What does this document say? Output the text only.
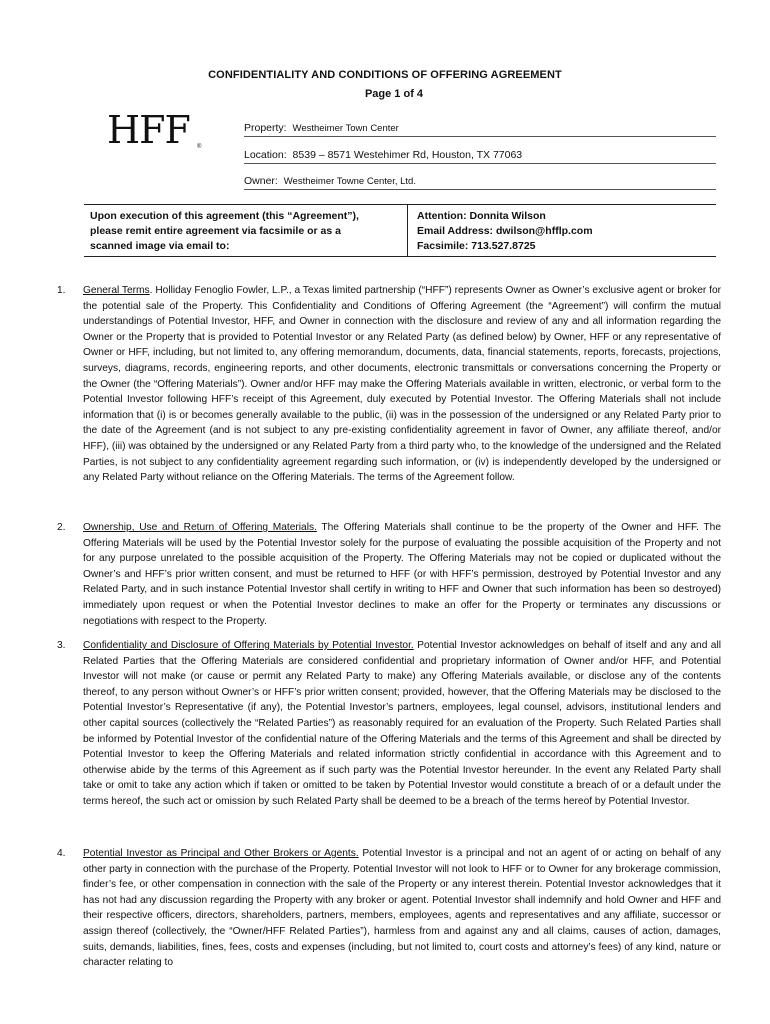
CONFIDENTIALITY AND CONDITIONS OF OFFERING AGREEMENT
Page 1 of 4
HFF ®
Property: Westheimer Town Center
Location: 8539 – 8571 Westehimer Rd, Houston, TX 77063
Owner: Westheimer Towne Center, Ltd.
Upon execution of this agreement (this “Agreement”),
please remit entire agreement via facsimile or as a
scanned image via email to:
Attention: Donnita Wilson
Email Address: dwilson@hfflp.com
Facsimile: 713.527.8725
1. General Terms. Holliday Fenoglio Fowler, L.P., a Texas limited partnership (“HFF”) represents Owner as Owner’s exclusive agent or broker for the potential sale of the Property. This Confidentiality and Conditions of Offering Agreement (the “Agreement”) will confirm the mutual understandings of Potential Investor, HFF, and Owner in connection with the disclosure and review of any and all information regarding the Owner or the Property that is provided to Potential Investor or any Related Party (as defined below) by Owner, HFF or any representative of Owner or HFF, including, but not limited to, any offering memorandum, documents, data, financial statements, reports, forecasts, projections, surveys, diagrams, records, engineering reports, and other documents, electronic transmittals or conversations concerning the Property or the Owner (the “Offering Materials”). Owner and/or HFF may make the Offering Materials available in written, electronic, or verbal form to the Potential Investor following HFF’s receipt of this Agreement, duly executed by Potential Investor. The Offering Materials shall not include information that (i) is or becomes generally available to the public, (ii) was in the possession of the undersigned or any Related Party prior to the date of the Agreement (and is not subject to any pre-existing confidentiality agreement in favor of Owner, any affiliate thereof, and/or HFF), (iii) was obtained by the undersigned or any Related Party from a third party who, to the knowledge of the undersigned and the Related Parties, is not subject to any confidentiality agreement regarding such information, or (iv) is independently developed by the undersigned or any Related Party without reliance on the Offering Materials. The terms of the Agreement follow.
2. Ownership, Use and Return of Offering Materials. The Offering Materials shall continue to be the property of the Owner and HFF. The Offering Materials will be used by the Potential Investor solely for the purpose of evaluating the possible acquisition of the Property and not for any purpose unrelated to the possible acquisition of the Property. The Offering Materials may not be copied or duplicated without the Owner’s and HFF’s prior written consent, and must be returned to HFF (or with HFF’s permission, destroyed by Potential Investor and any Related Party, and in such instance Potential Investor shall certify in writing to HFF and Owner that such information has been so destroyed) immediately upon request or when the Potential Investor declines to make an offer for the Property or terminates any discussions or negotiations with respect to the Property.
3. Confidentiality and Disclosure of Offering Materials by Potential Investor. Potential Investor acknowledges on behalf of itself and any and all Related Parties that the Offering Materials are considered confidential and proprietary information of Owner and/or HFF, and Potential Investor will not make (or cause or permit any Related Party to make) any Offering Materials available, or disclose any of the contents thereof, to any person without Owner’s or HFF’s prior written consent; provided, however, that the Offering Materials may be disclosed to the Potential Investor’s Representative (if any), the Potential Investor’s partners, employees, legal counsel, advisors, institutional lenders and other capital sources (collectively the “Related Parties”) as reasonably required for an evaluation of the Property. Such Related Parties shall be informed by Potential Investor of the confidential nature of the Offering Materials and the terms of this Agreement and shall be directed by Potential Investor to keep the Offering Materials and related information strictly confidential in accordance with this Agreement and to otherwise abide by the terms of this Agreement as if such party was the Potential Investor hereunder. In the event any Related Party shall take or omit to take any action which if taken or omitted to be taken by Potential Investor would constitute a breach of or a default under the terms hereof, the such act or omission by such Related Party shall be deemed to be a breach of the terms hereof by Potential Investor.
4. Potential Investor as Principal and Other Brokers or Agents. Potential Investor is a principal and not an agent of or acting on behalf of any other party in connection with the purchase of the Property. Potential Investor will not look to HFF or to Owner for any brokerage commission, finder’s fee, or other compensation in connection with the sale of the Property or any interest therein. Potential Investor acknowledges that it has not had any discussion regarding the Property with any broker or agent. Potential Investor shall indemnify and hold Owner and HFF and their respective officers, directors, shareholders, partners, members, employees, agents and representatives and any affiliate, successor or assign thereof (collectively, the “Owner/HFF Related Parties”), harmless from and against any and all claims, causes of action, damages, suits, demands, liabilities, fines, fees, costs and expenses (including, but not limited to, court costs and attorney’s fees) of any kind, nature or character relating to
